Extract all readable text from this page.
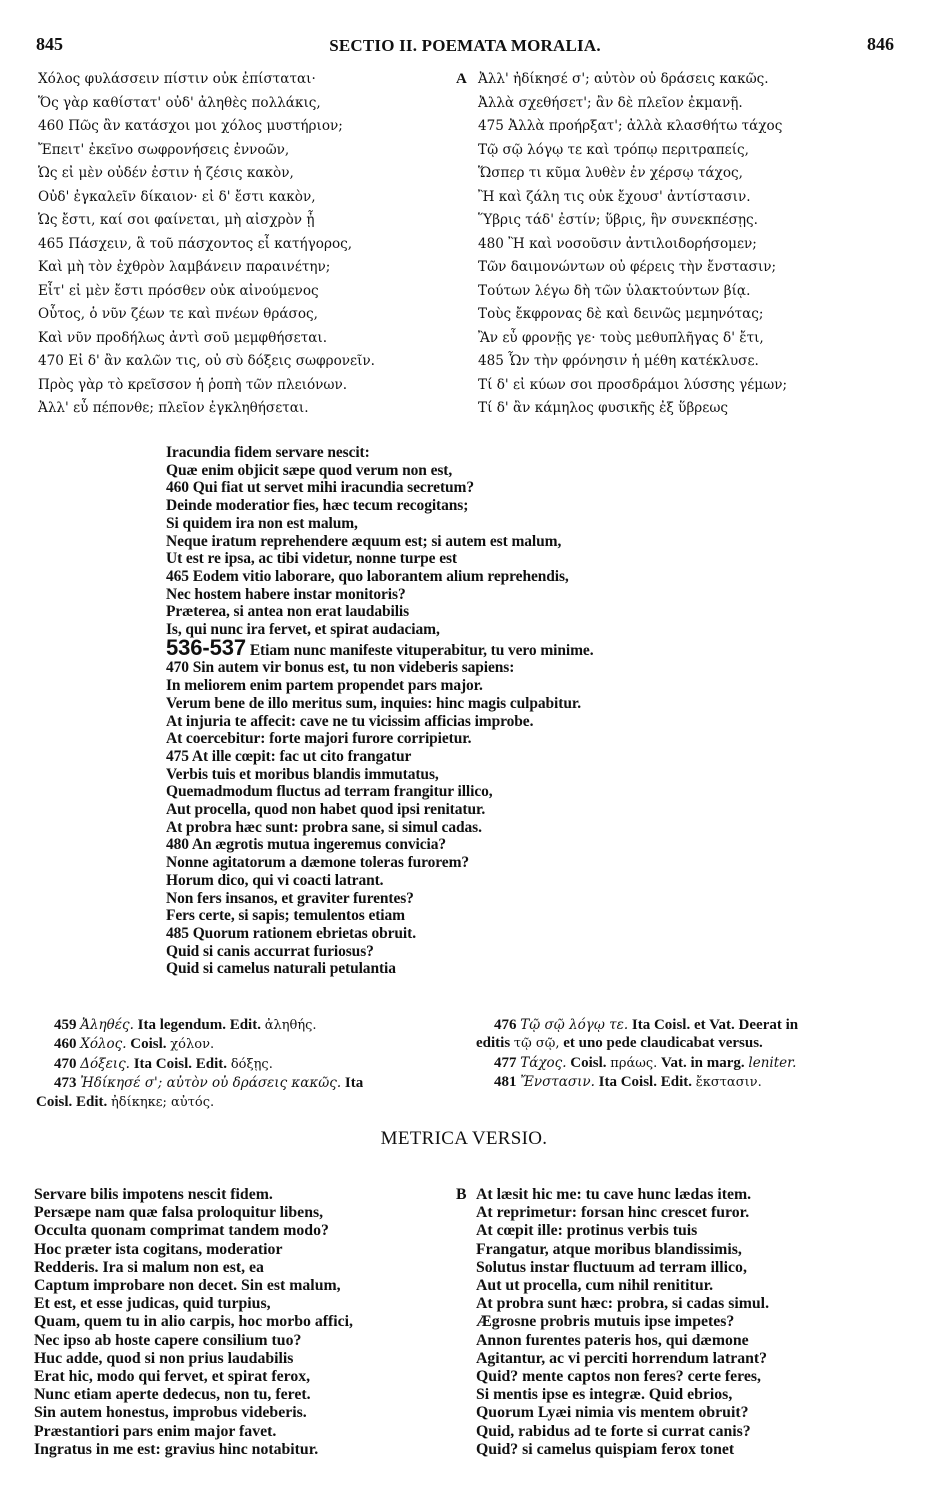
845	SECTIO II. POEMATA MORALIA.	846
Χόλος φυλάσσειν πίστιν οὐκ ἐπίσταται·
Ὅς γὰρ καθίστατ' οὐδ' ἀληθὲς πολλάκις,
460 Πῶς ἂν κατάσχοι μοι χόλος μυστήριον;
Ἔπειτ' ἐκεῖνο σωφρονήσεις ἐννοῶν,
Ὡς εἰ μὲν οὐδέν ἐστιν ἡ ζέσις κακὸν,
Οὐδ' ἐγκαλεῖν δίκαιον· εἰ δ' ἔστι κακὸν,
Ὡς ἔστι, καί σοι φαίνεται, μὴ αἰσχρὸν ᾖ
465 Πάσχειν, ἃ τοῦ πάσχοντος εἶ κατήγορος,
Καὶ μὴ τὸν ἐχθρὸν λαμβάνειν παραινέτην;
Εἶτ' εἰ μὲν ἔστι πρόσθεν οὐκ αἰνούμενος
Οὗτος, ὁ νῦν ζέων τε καὶ πνέων θράσος,
Καὶ νῦν προδήλως ἀντὶ σοῦ μεμφθήσεται.
470 Εἰ δ' ἂν καλῶν τις, οὐ σὺ δόξεις σωφρονεῖν.
Πρὸς γὰρ τὸ κρεῖσσον ἡ ῥοπὴ τῶν πλειόνων.
Ἀλλ' εὖ πέπονθε; πλεῖον ἐγκληθήσεται.
A Ἀλλ' ἠδίκησέ σ'; αὐτὸν οὐ δράσεις κακῶς.
Ἀλλὰ σχεθήσετ'; ἂν δὲ πλεῖον ἐκμανῇ.
475 Ἀλλὰ προήρξατ'; ἀλλὰ κλασθήτω τάχος
Τῷ σῷ λόγῳ τε καὶ τρόπῳ περιτραπείς,
Ὥσπερ τι κῦμα λυθὲν ἐν χέρσῳ τάχος,
Ἢ καὶ ζάλη τις οὐκ ἔχουσ' ἀντίστασιν.
Ὕβρις τάδ' ἐστίν; ὕβρις, ἣν συνεκπέσῃς.
480 Ἢ καὶ νοσοῦσιν ἀντιλοιδορήσομεν;
Τῶν δαιμονώντων οὐ φέρεις τὴν ἔνστασιν;
Τούτων λέγω δὴ τῶν ὑλακτούντων βίᾳ.
Τοὺς ἔκφρονας δὲ καὶ δεινῶς μεμηνότας;
Ἂν εὖ φρονῇς γε· τοὺς μεθυπλῆγας δ' ἔτι,
485 Ὧν τὴν φρόνησιν ἡ μέθη κατέκλυσε.
Τί δ' εἰ κύων σοι προσδράμοι λύσσης γέμων;
Τί δ' ἂν κάμηλος φυσικῆς ἐξ ὕβρεως
Iracundia fidem servare nescit:
Quæ enim objicit sæpe quod verum non est,
460 Qui fiat ut servet mihi iracundia secretum?
Deinde moderatior fies, hæc tecum recogitans;
Si quidem ira non est malum,
Neque iratum reprehendere æquum est; si autem est malum,
Ut est re ipsa, ac tibi videtur, nonne turpe est
465 Eodem vitio laborare, quo laborantem alium reprehendis,
Nec hostem habere instar monitoris?
Præterea, si antea non erat laudabilis
Is, qui nunc ira fervet, et spirat audaciam,
536-537 Etiam nunc manifeste vituperabitur, tu vero minime.
470 Sin autem vir bonus est, tu non videberis sapiens:
In meliorem enim partem propendet pars major.
Verum bene de illo meritus sum, inquies: hinc magis culpabitur.
At injuria te affecit: cave ne tu vicissim afficias improbe.
At coercebitur: forte majori furore corripietur.
475 At ille cœpit: fac ut cito frangatur
Verbis tuis et moribus blandis immutatus,
Quemadmodum fluctus ad terram frangitur illico,
Aut procella, quod non habet quod ipsi renitatur.
At probra hæc sunt: probra sane, si simul cadas.
480 An ægrotis mutua ingeremus convicia?
Nonne agitatorum a dæmone toleras furorem?
Horum dico, qui vi coacti latrant.
Non fers insanos, et graviter furentes?
Fers certe, si sapis; temulentos etiam
485 Quorum rationem ebrietas obruit.
Quid si canis accurrat furiosus?
Quid si camelus naturali petulantia
459 Ἀληθές. Ita legendum. Edit. ἀληθής.
460 Χόλος. Coisl. χόλον.
470 Δόξεις. Ita Coisl. Edit. δόξῃς.
473 Ἠδίκησέ σ'; αὐτὸν οὐ δράσεις κακῶς. Ita
Coisl. Edit. ἠδίκηκε; αὐτός.
476 Τῷ σῷ λόγῳ τε. Ita Coisl. et Vat. Deerat in
editis τῷ σῷ, et uno pede claudicabat versus.
477 Τάχος. Coisl. πράως. Vat. in marg. leniter.
481 Ἔνστασιν. Ita Coisl. Edit. ἔκστασιν.
METRICA VERSIO.
Servare bilis impotens nescit fidem.
Persæpe nam quæ falsa proloquitur libens,
Occulta quonam comprimat tandem modo?
Hoc præter ista cogitans, moderatior
Redderis. Ira si malum non est, ea
Captum improbare non decet. Sin est malum,
Et est, et esse judicas, quid turpius,
Quam, quem tu in alio carpis, hoc morbo affici,
Nec ipso ab hoste capere consilium tuo?
Huc adde, quod si non prius laudabilis
Erat hic, modo qui fervet, et spirat ferox,
Nunc etiam aperte dedecus, non tu, feret.
Sin autem honestus, improbus videberis.
Præstantiori pars enim major favet.
Ingratus in me est: gravius hinc notabitur.
B At læsit hic me: tu cave hunc lædas item.
At reprimetur: forsan hinc crescet furor.
At cœpit ille: protinus verbis tuis
Frangatur, atque moribus blandissimis,
Solutus instar fluctuum ad terram illico,
Aut ut procella, cum nihil renititur.
At probra sunt hæc: probra, si cadas simul.
Ægrosne probris mutuis ipse impetes?
Annon furentes pateris hos, qui dæmone
Agitantur, ac vi perciti horrendum latrant?
Quid? mente captos non feres? certe feres,
Si mentis ipse es integræ. Quid ebrios,
Quorum Lyæi nimia vis mentem obruit?
Quid, rabidus ad te forte si currat canis?
Quid? si camelus quispiam ferox tonet
